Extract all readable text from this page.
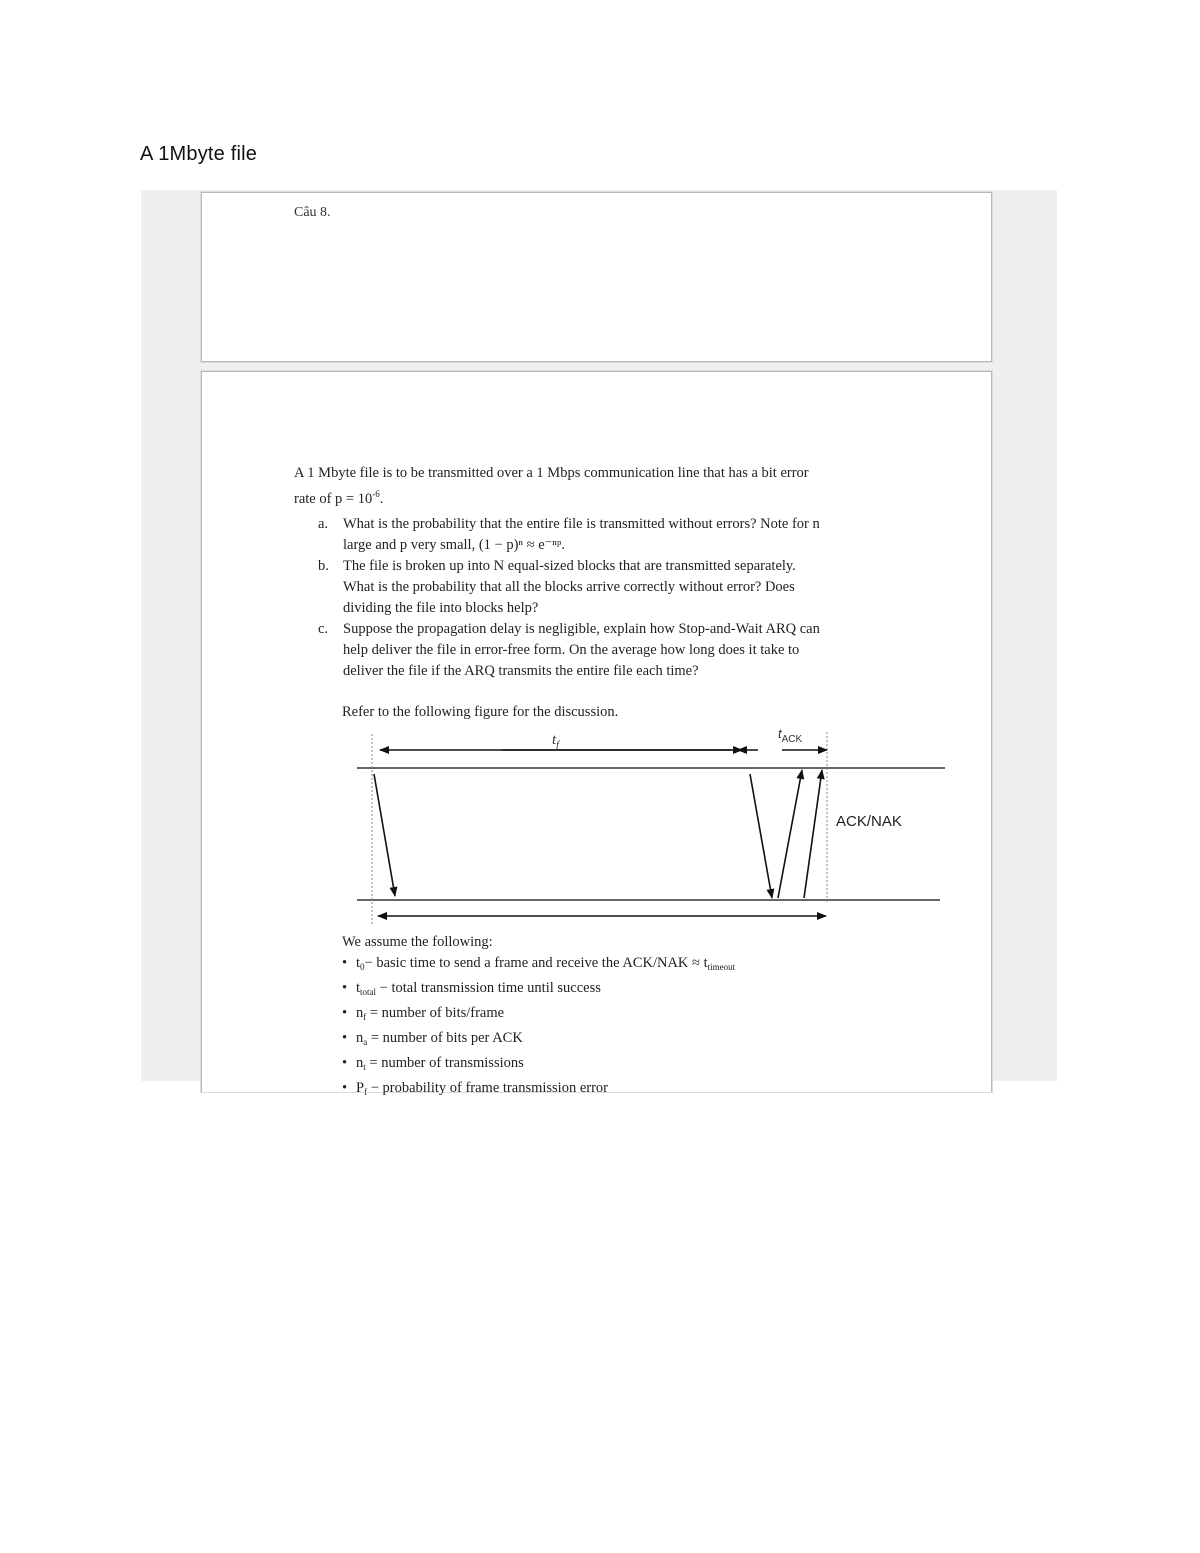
A 1Mbyte file
Câu 8.
A 1 Mbyte file is to be transmitted over a 1 Mbps communication line that has a bit error
rate of $p = 10^{-6}$.
a.	What is the probability that the entire file is transmitted without errors? Note for n
large and p very small, (1 − p)ⁿ ≈ e⁻ⁿᵖ.
b. The file is broken up into N equal-sized blocks that are transmitted separately.
What is the probability that all the blocks arrive correctly without error? Does
dividing the file into blocks help?
c.	Suppose the propagation delay is negligible, explain how Stop-and-Wait ARQ can
help deliver the file in error-free form. On the average how long does it take to
deliver the file if the ARQ transmits the entire file each time?
Refer to the following figure for the discussion.
$t_f$
$t_{ACK}$
ACK/NAK
We assume the following:
• $t_0-$ basic time to send a frame and receive the $ACK/NAK \approx t_{timeout}$
• $t_{total}$ − total transmission time until success
• $n_f$ = number of bits/frame
• $n_a$ = number of bits per ACK
• $n_t$ = number of transmissions
• $P_f$ − probability of frame transmission error
